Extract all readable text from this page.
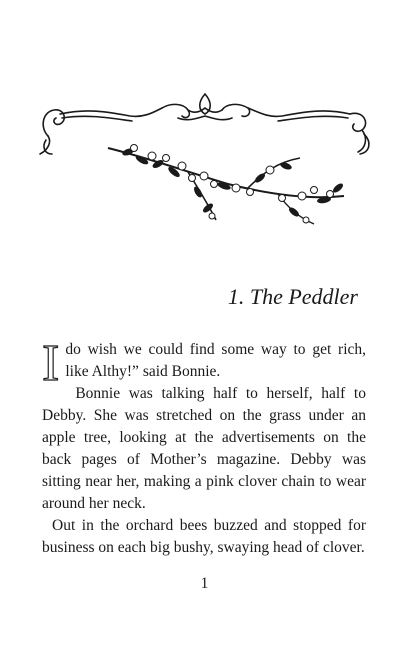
1. The Peddler

Ido wish we could find some way to get rich, like Althy!” said Bonnie.

Bonnie was talking half to herself, half to Debby. She was stretched on the grass under an apple tree, looking at the advertisements on the back pages of Mother’s magazine. Debby was sitting near her, making a pink clover chain to wear around her neck.

Out in the orchard bees buzzed and stopped for business on each big bushy, swaying head of clover.

1
